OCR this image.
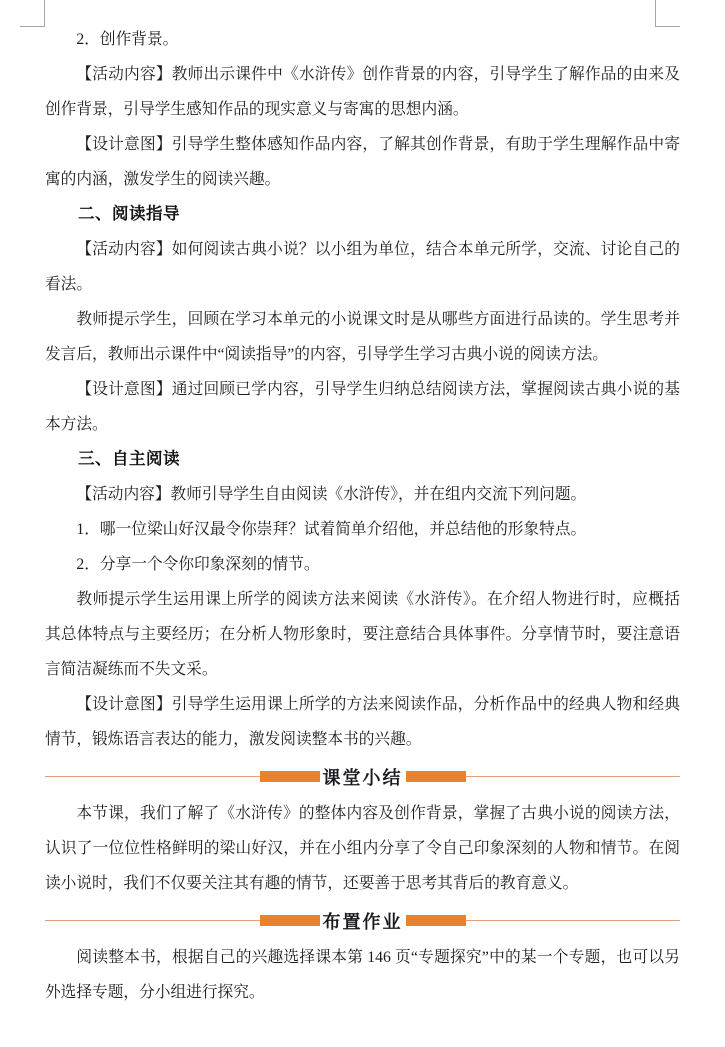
2．创作背景。

【活动内容】教师出示课件中《水浒传》创作背景的内容，引导学生了解作品的由来及创作背景，引导学生感知作品的现实意义与寄寓的思想内涵。

【设计意图】引导学生整体感知作品内容，了解其创作背景，有助于学生理解作品中寄寓的内涵，激发学生的阅读兴趣。

二、阅读指导

【活动内容】如何阅读古典小说？以小组为单位，结合本单元所学，交流、讨论自己的看法。

教师提示学生，回顾在学习本单元的小说课文时是从哪些方面进行品读的。学生思考并发言后，教师出示课件中“阅读指导”的内容，引导学生学习古典小说的阅读方法。

【设计意图】通过回顾已学内容，引导学生归纳总结阅读方法，掌握阅读古典小说的基本方法。

三、自主阅读

【活动内容】教师引导学生自由阅读《水浒传》，并在组内交流下列问题。

1．哪一位梁山好汉最令你崇拜？试着简单介绍他，并总结他的形象特点。

2．分享一个令你印象深刻的情节。

教师提示学生运用课上所学的阅读方法来阅读《水浒传》。在介绍人物进行时，应概括其总体特点与主要经历；在分析人物形象时，要注意结合具体事件。分享情节时，要注意语言简洁凝练而不失文采。

【设计意图】引导学生运用课上所学的方法来阅读作品，分析作品中的经典人物和经典情节，锻炼语言表达的能力，激发阅读整本书的兴趣。

课堂小结

本节课，我们了解了《水浒传》的整体内容及创作背景，掌握了古典小说的阅读方法，认识了一位位性格鲜明的梁山好汉，并在小组内分享了令自己印象深刻的人物和情节。在阅读小说时，我们不仅要关注其有趣的情节，还要善于思考其背后的教育意义。

布置作业

阅读整本书，根据自己的兴趣选择课本第 146 页“专题探究”中的某一个专题，也可以另外选择专题，分小组进行探究。
